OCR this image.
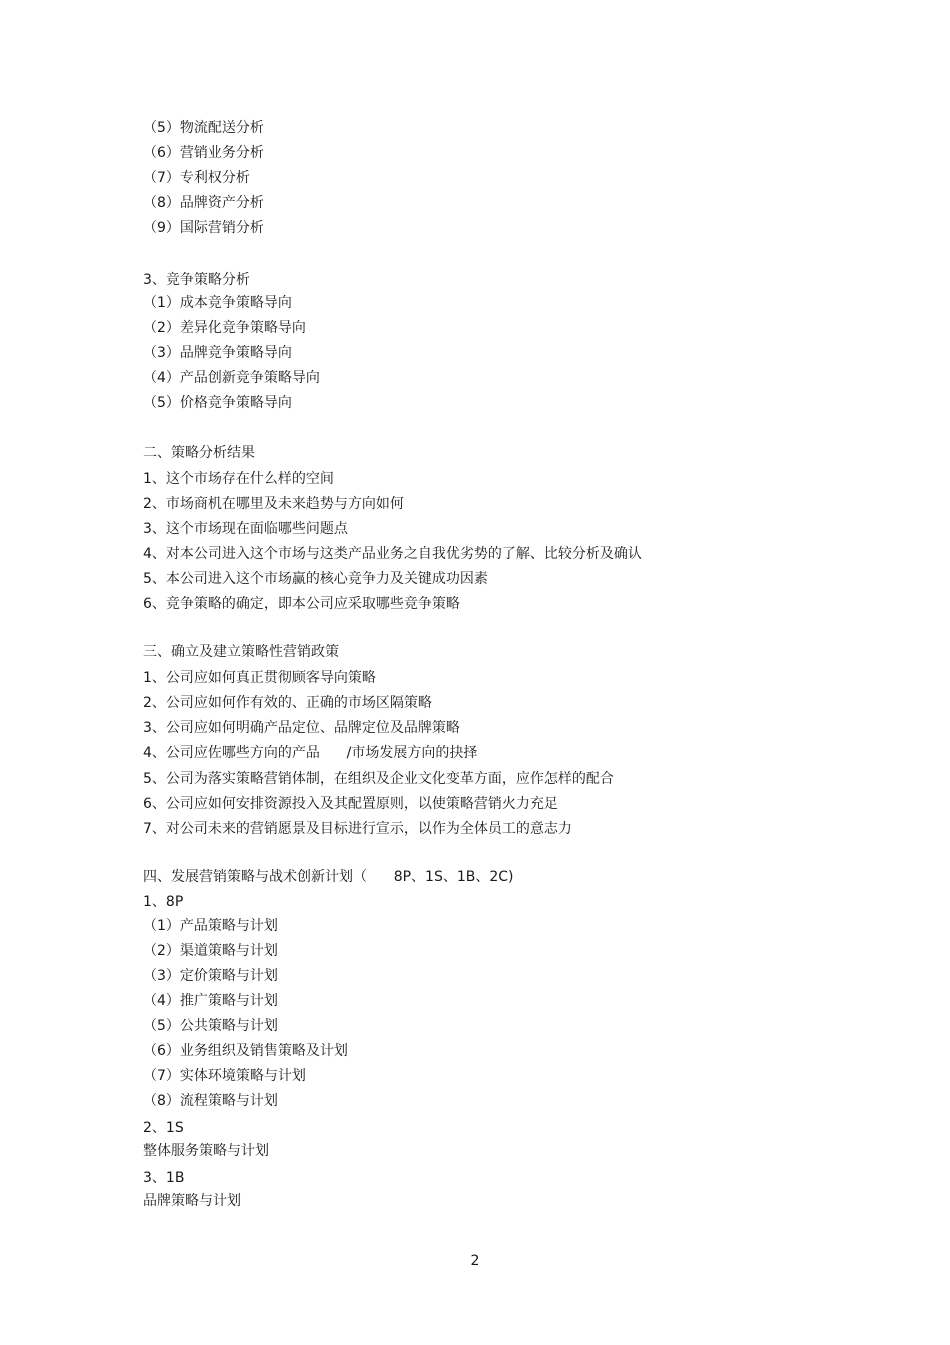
（5）物流配送分析

（6）营销业务分析

（7）专利权分析

（8）品牌资产分析

（9）国际营销分析

3、竞争策略分析

（1）成本竞争策略导向

（2）差异化竞争策略导向

（3）品牌竞争策略导向

（4）产品创新竞争策略导向

（5）价格竞争策略导向

二、策略分析结果

1、这个市场存在什么样的空间

2、市场商机在哪里及未来趋势与方向如何

3、这个市场现在面临哪些问题点

4、对本公司进入这个市场与这类产品业务之自我优劣势的了解、比较分析及确认

5、本公司进入这个市场赢的核心竞争力及关键成功因素

6、竞争策略的确定，即本公司应采取哪些竞争策略

三、确立及建立策略性营销政策

1、公司应如何真正贯彻顾客导向策略

2、公司应如何作有效的、正确的市场区隔策略

3、公司应如何明确产品定位、品牌定位及品牌策略

4、公司应佐哪些方向的产品      /市场发展方向的抉择

5、公司为落实策略营销体制，在组织及企业文化变革方面，应作怎样的配合

6、公司应如何安排资源投入及其配置原则，以使策略营销火力充足

7、对公司未来的营销愿景及目标进行宣示，以作为全体员工的意志力

四、发展营销策略与战术创新计划（      8P、1S、1B、2C)

1、8P

（1）产品策略与计划

（2）渠道策略与计划

（3）定价策略与计划

（4）推广策略与计划

（5）公共策略与计划

（6）业务组织及销售策略及计划

（7）实体环境策略与计划

（8）流程策略与计划

2、1S

整体服务策略与计划

3、1B

品牌策略与计划

2
